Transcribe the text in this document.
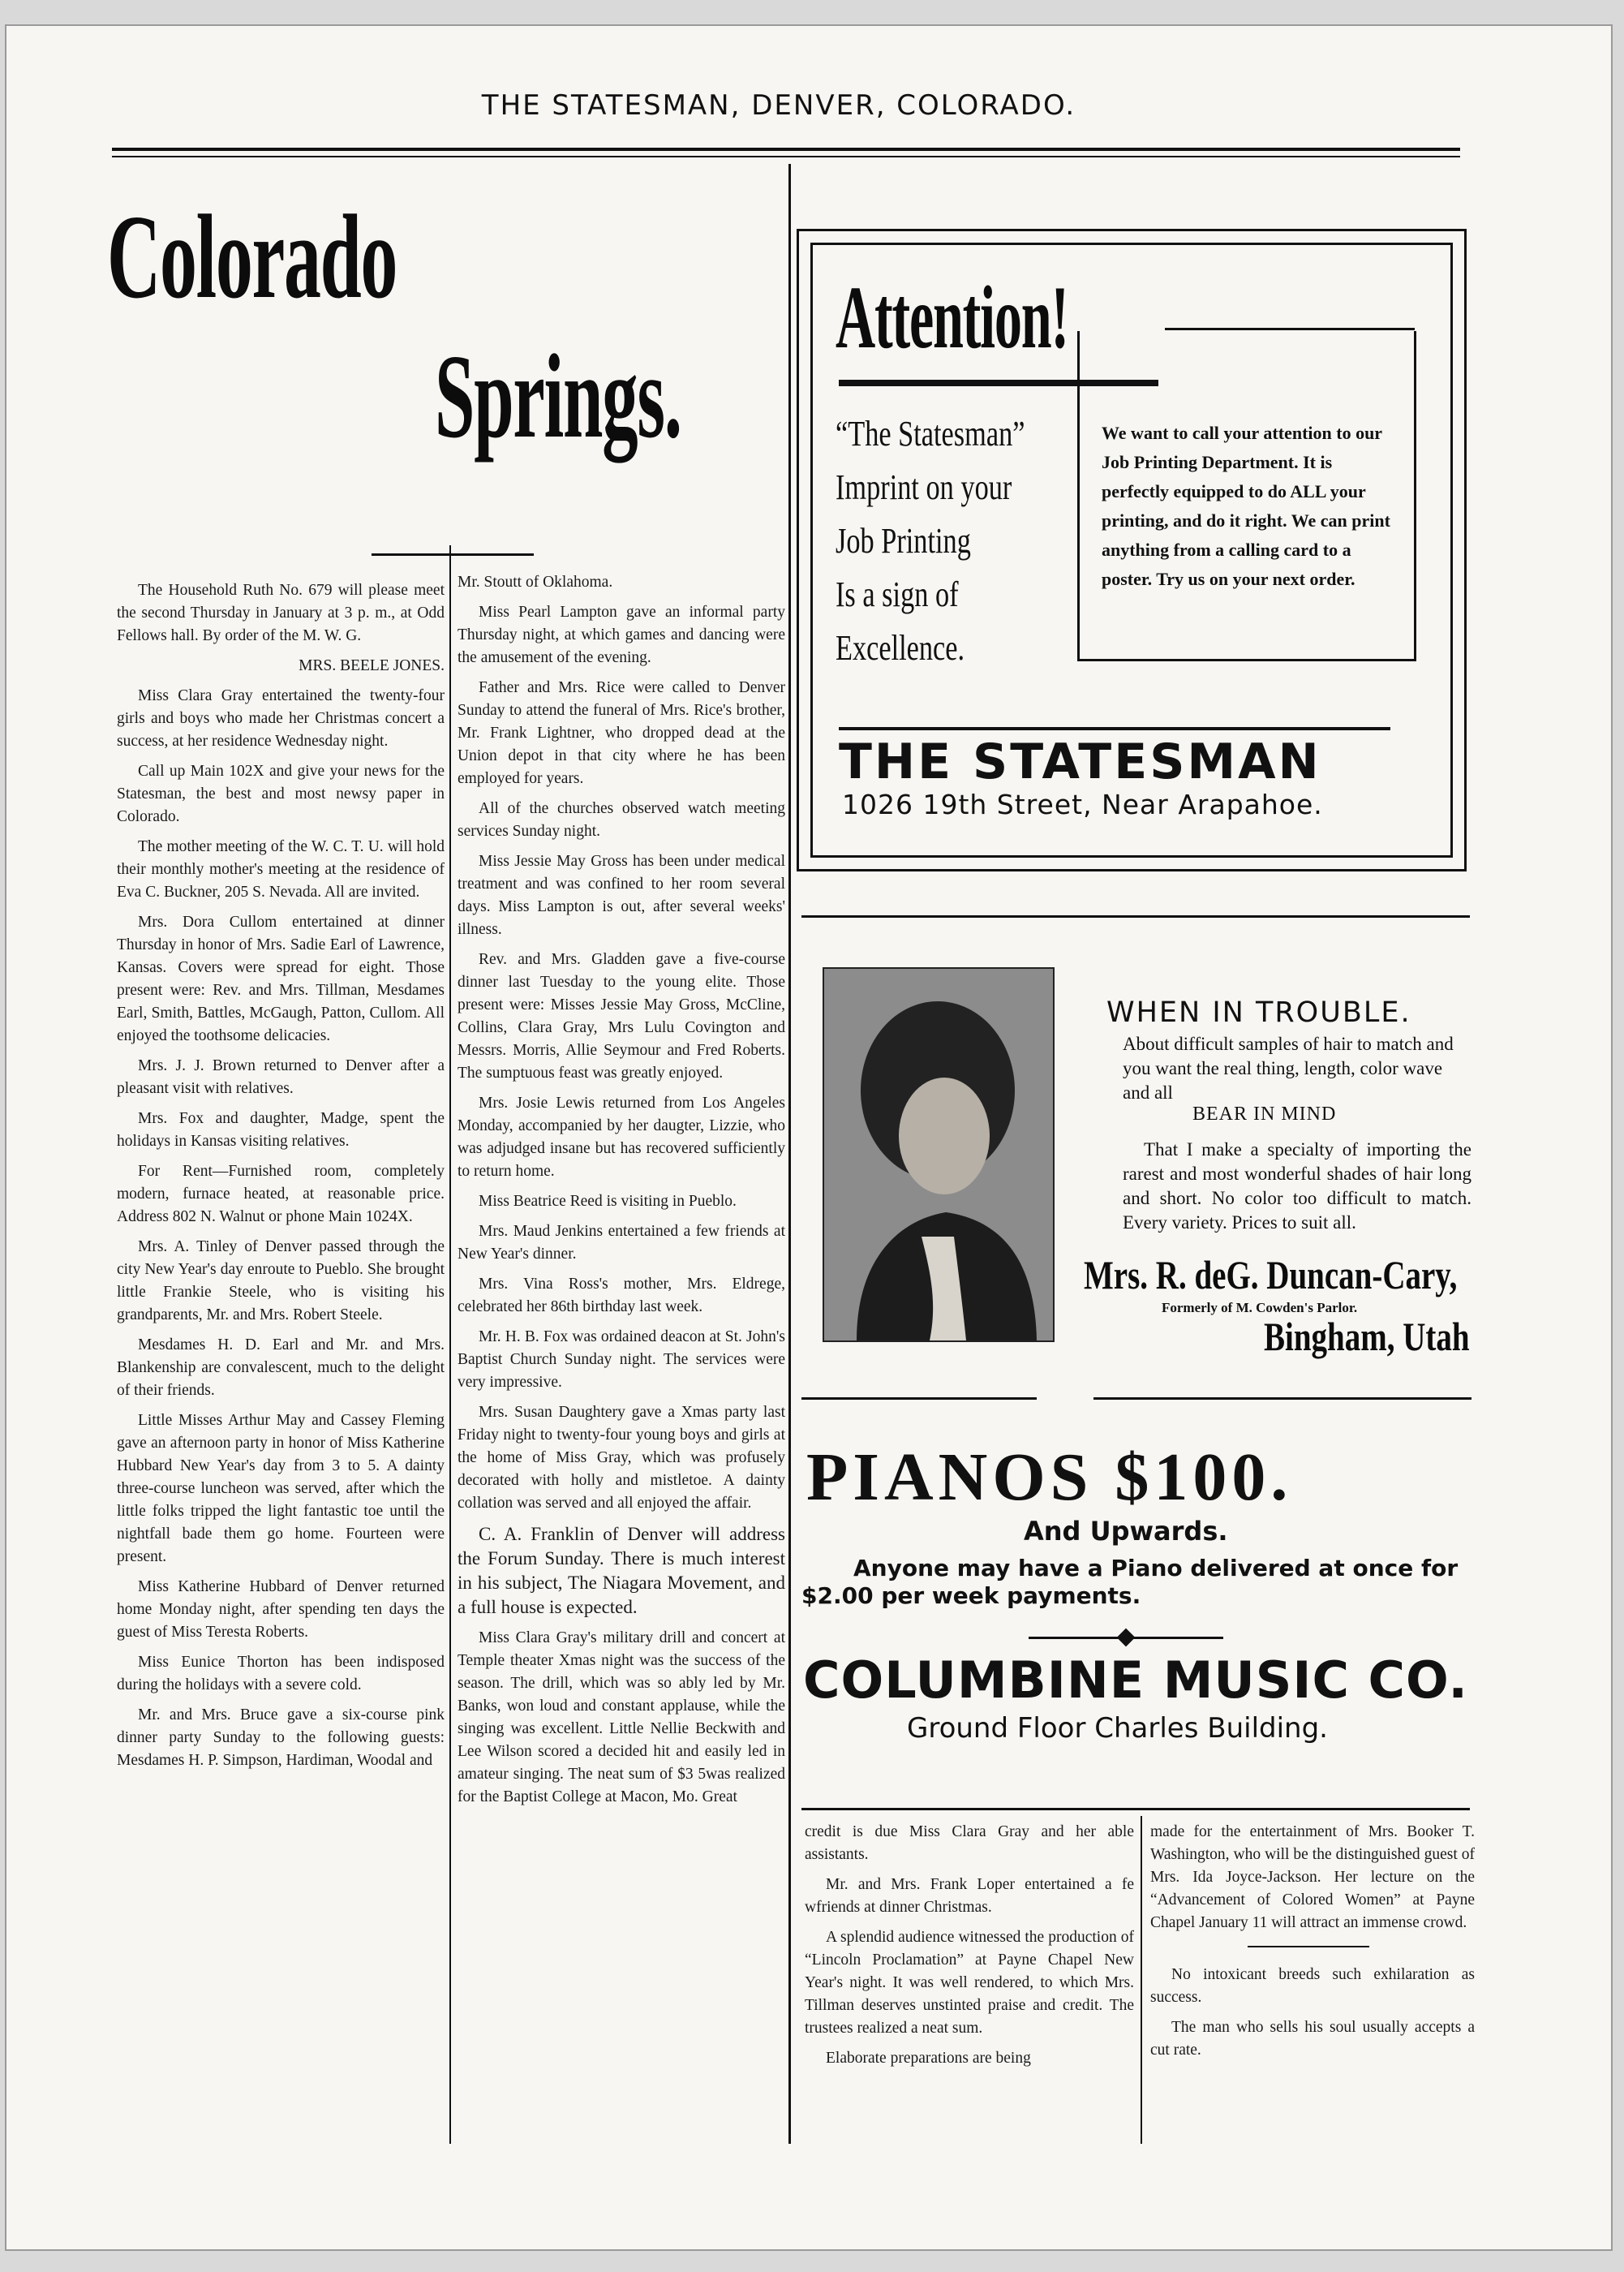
THE STATESMAN, DENVER, COLORADO.
Colorado
Springs.

The Household Ruth No. 679 will please meet the second Thursday in January at 3 p. m., at Odd Fellows hall. By order of the M. W. G.

MRS. BEELE JONES.

Miss Clara Gray entertained the twenty-four girls and boys who made her Christmas concert a success, at her residence Wednesday night.

Call up Main 102X and give your news for the Statesman, the best and most newsy paper in Colorado.

The mother meeting of the W. C. T. U. will hold their monthly mother's meeting at the residence of Eva C. Buckner, 205 S. Nevada. All are invited.

Mrs. Dora Cullom entertained at dinner Thursday in honor of Mrs. Sadie Earl of Lawrence, Kansas. Covers were spread for eight. Those present were: Rev. and Mrs. Tillman, Mesdames Earl, Smith, Battles, McGaugh, Patton, Cullom. All enjoyed the toothsome delicacies.

Mrs. J. J. Brown returned to Denver after a pleasant visit with relatives.

Mrs. Fox and daughter, Madge, spent the holidays in Kansas visiting relatives.

For Rent—Furnished room, completely modern, furnace heated, at reasonable price. Address 802 N. Walnut or phone Main 1024X.

Mrs. A. Tinley of Denver passed through the city New Year's day enroute to Pueblo. She brought little Frankie Steele, who is visiting his grandparents, Mr. and Mrs. Robert Steele.

Mesdames H. D. Earl and Mr. and Mrs. Blankenship are convalescent, much to the delight of their friends.

Little Misses Arthur May and Cassey Fleming gave an afternoon party in honor of Miss Katherine Hubbard New Year's day from 3 to 5. A dainty three-course luncheon was served, after which the little folks tripped the light fantastic toe until the nightfall bade them go home. Fourteen were present.

Miss Katherine Hubbard of Denver returned home Monday night, after spending ten days the guest of Miss Teresta Roberts.

Miss Eunice Thorton has been indisposed during the holidays with a severe cold.

Mr. and Mrs. Bruce gave a six-course pink dinner party Sunday to the following guests: Mesdames H. P. Simpson, Hardiman, Woodal and

Mr. Stoutt of Oklahoma.

Miss Pearl Lampton gave an informal party Thursday night, at which games and dancing were the amusement of the evening.

Father and Mrs. Rice were called to Denver Sunday to attend the funeral of Mrs. Rice's brother, Mr. Frank Lightner, who dropped dead at the Union depot in that city where he has been employed for years.

All of the churches observed watch meeting services Sunday night.

Miss Jessie May Gross has been under medical treatment and was confined to her room several days. Miss Lampton is out, after several weeks' illness.

Rev. and Mrs. Gladden gave a five-course dinner last Tuesday to the young elite. Those present were: Misses Jessie May Gross, McCline, Collins, Clara Gray, Mrs Lulu Covington and Messrs. Morris, Allie Seymour and Fred Roberts. The sumptuous feast was greatly enjoyed.

Mrs. Josie Lewis returned from Los Angeles Monday, accompanied by her daugter, Lizzie, who was adjudged insane but has recovered sufficiently to return home.

Miss Beatrice Reed is visiting in Pueblo.

Mrs. Maud Jenkins entertained a few friends at New Year's dinner.

Mrs. Vina Ross's mother, Mrs. Eldrege, celebrated her 86th birthday last week.

Mr. H. B. Fox was ordained deacon at St. John's Baptist Church Sunday night. The services were very impressive.

Mrs. Susan Daughtery gave a Xmas party last Friday night to twenty-four young boys and girls at the home of Miss Gray, which was profusely decorated with holly and mistletoe. A dainty collation was served and all enjoyed the affair.

C. A. Franklin of Denver will address the Forum Sunday. There is much interest in his subject, The Niagara Movement, and a full house is expected.

Miss Clara Gray's military drill and concert at Temple theater Xmas night was the success of the season. The drill, which was so ably led by Mr. Banks, won loud and constant applause, while the singing was excellent. Little Nellie Beckwith and Lee Wilson scored a decided hit and easily led in amateur singing. The neat sum of $3 5was realized for the Baptist College at Macon, Mo. Great

Attention!
“The Statesman”
Imprint on your
Job Printing
Is a sign of
Excellence.
We want to call your attention to our Job Printing Department. It is perfectly equipped to do ALL your printing, and do it right. We can print anything from a calling card to a poster. Try us on your next order.
THE STATESMAN
1026 19th Street, Near Arapahoe.
WHEN IN TROUBLE.
About difficult samples of hair to match and you want the real thing, length, color wave and all
BEAR IN MIND
That I make a specialty of importing the rarest and most wonderful shades of hair long and short. No color too difficult to match. Every variety. Prices to suit all.
Mrs. R. deG. Duncan-Cary,
Formerly of M. Cowden's Parlor.
Bingham, Utah
PIANOS $100.
And Upwards.
Anyone may have a Piano delivered at once for
$2.00 per week payments.
COLUMBINE MUSIC CO.
Ground Floor Charles Building.

credit is due Miss Clara Gray and her able assistants.

Mr. and Mrs. Frank Loper entertained a fe wfriends at dinner Christmas.

A splendid audience witnessed the production of “Lincoln Proclamation” at Payne Chapel New Year's night. It was well rendered, to which Mrs. Tillman deserves unstinted praise and credit. The trustees realized a neat sum.

Elaborate preparations are being

made for the entertainment of Mrs. Booker T. Washington, who will be the distinguished guest of Mrs. Ida Joyce-Jackson. Her lecture on the “Advancement of Colored Women” at Payne Chapel January 11 will attract an immense crowd.

No intoxicant breeds such exhilaration as success.

The man who sells his soul usually accepts a cut rate.
